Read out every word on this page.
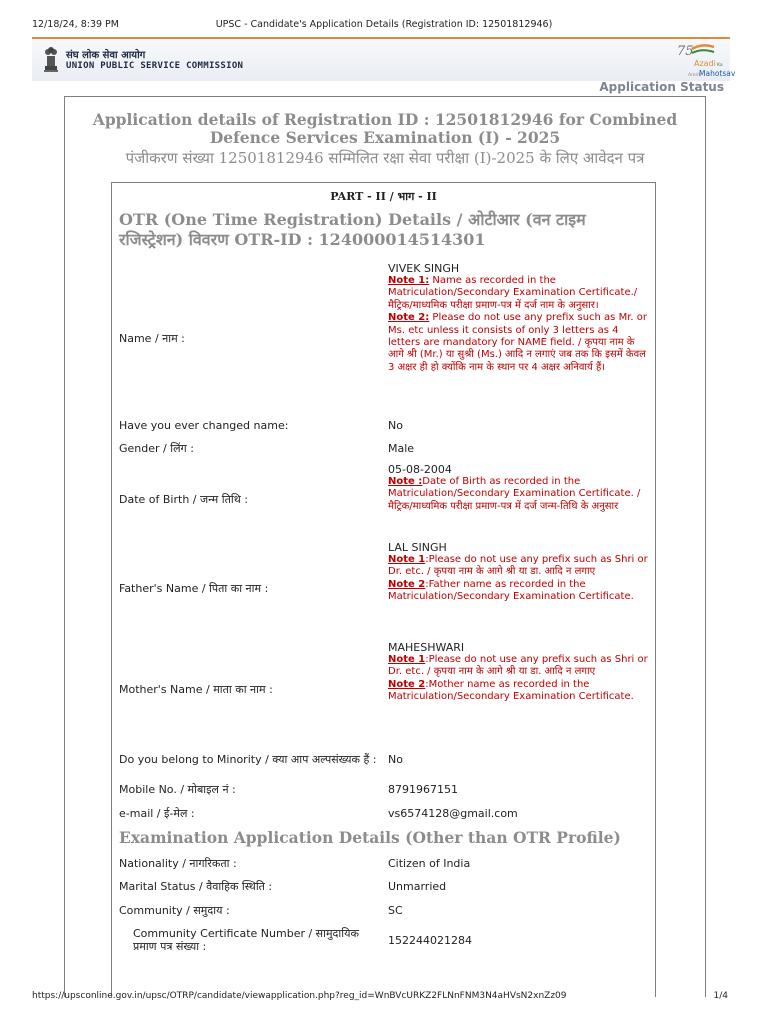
12/18/24, 8:39 PM	UPSC - Candidate's Application Details (Registration ID: 12501812946)
संघ लोक सेवा आयोग
UNION PUBLIC SERVICE COMMISSION
75
Azadi Ka
Amrit
Mahotsav
Application Status
Application details of Registration ID : 12501812946 for Combined Defence Services Examination (I) - 2025
पंजीकरण संख्या 12501812946 सम्मिलित रक्षा सेवा परीक्षा (I)-2025 के लिए आवेदन पत्र
PART - II / भाग - II
OTR (One Time Registration) Details / ओटीआर (वन टाइम रजिस्ट्रेशन) विवरण OTR-ID : 124000014514301
Name / नाम :
VIVEK SINGH
Note 1: Name as recorded in the Matriculation/Secondary Examination Certificate./ मैट्रिक/माध्यमिक परीक्षा प्रमाण-पत्र में दर्ज नाम के अनुसार।
Note 2: Please do not use any prefix such as Mr. or Ms. etc unless it consists of only 3 letters as 4 letters are mandatory for NAME field. / कृपया नाम के आगे श्री (Mr.) या सुश्री (Ms.) आदि न लगाएं जब तक कि इसमें केवल 3 अक्षर ही हो क्योंकि नाम के स्थान पर 4 अक्षर अनिवार्य हैं।
Have you ever changed name:	No
Gender / लिंग :	Male
Date of Birth / जन्म तिथि :
05-08-2004
Note :Date of Birth as recorded in the Matriculation/Secondary Examination Certificate. / मैट्रिक/माध्यमिक परीक्षा प्रमाण-पत्र में दर्ज जन्म-तिथि के अनुसार
Father's Name / पिता का नाम :
LAL SINGH
Note 1:Please do not use any prefix such as Shri or Dr. etc. / कृपया नाम के आगे श्री या डा. आदि न लगाए
Note 2:Father name as recorded in the Matriculation/Secondary Examination Certificate.
Mother's Name / माता का नाम :
MAHESHWARI
Note 1:Please do not use any prefix such as Shri or Dr. etc. / कृपया नाम के आगे श्री या डा. आदि न लगाए
Note 2:Mother name as recorded in the Matriculation/Secondary Examination Certificate.
Do you belong to Minority / क्या आप अल्पसंख्यक हैं :	No
Mobile No. / मोबाइल नं :	8791967151
e-mail / ई-मेल :	vs6574128@gmail.com
Examination Application Details (Other than OTR Profile)
Nationality / नागरिकता :	Citizen of India
Marital Status / वैवाहिक स्थिति :	Unmarried
Community / समुदाय :	SC
Community Certificate Number / सामुदायिक प्रमाण पत्र संख्या :	152244021284
https://upsconline.gov.in/upsc/OTRP/candidate/viewapplication.php?reg_id=WnBVcURKZ2FLNnFNM3N4aHVsN2xnZz09	1/4
